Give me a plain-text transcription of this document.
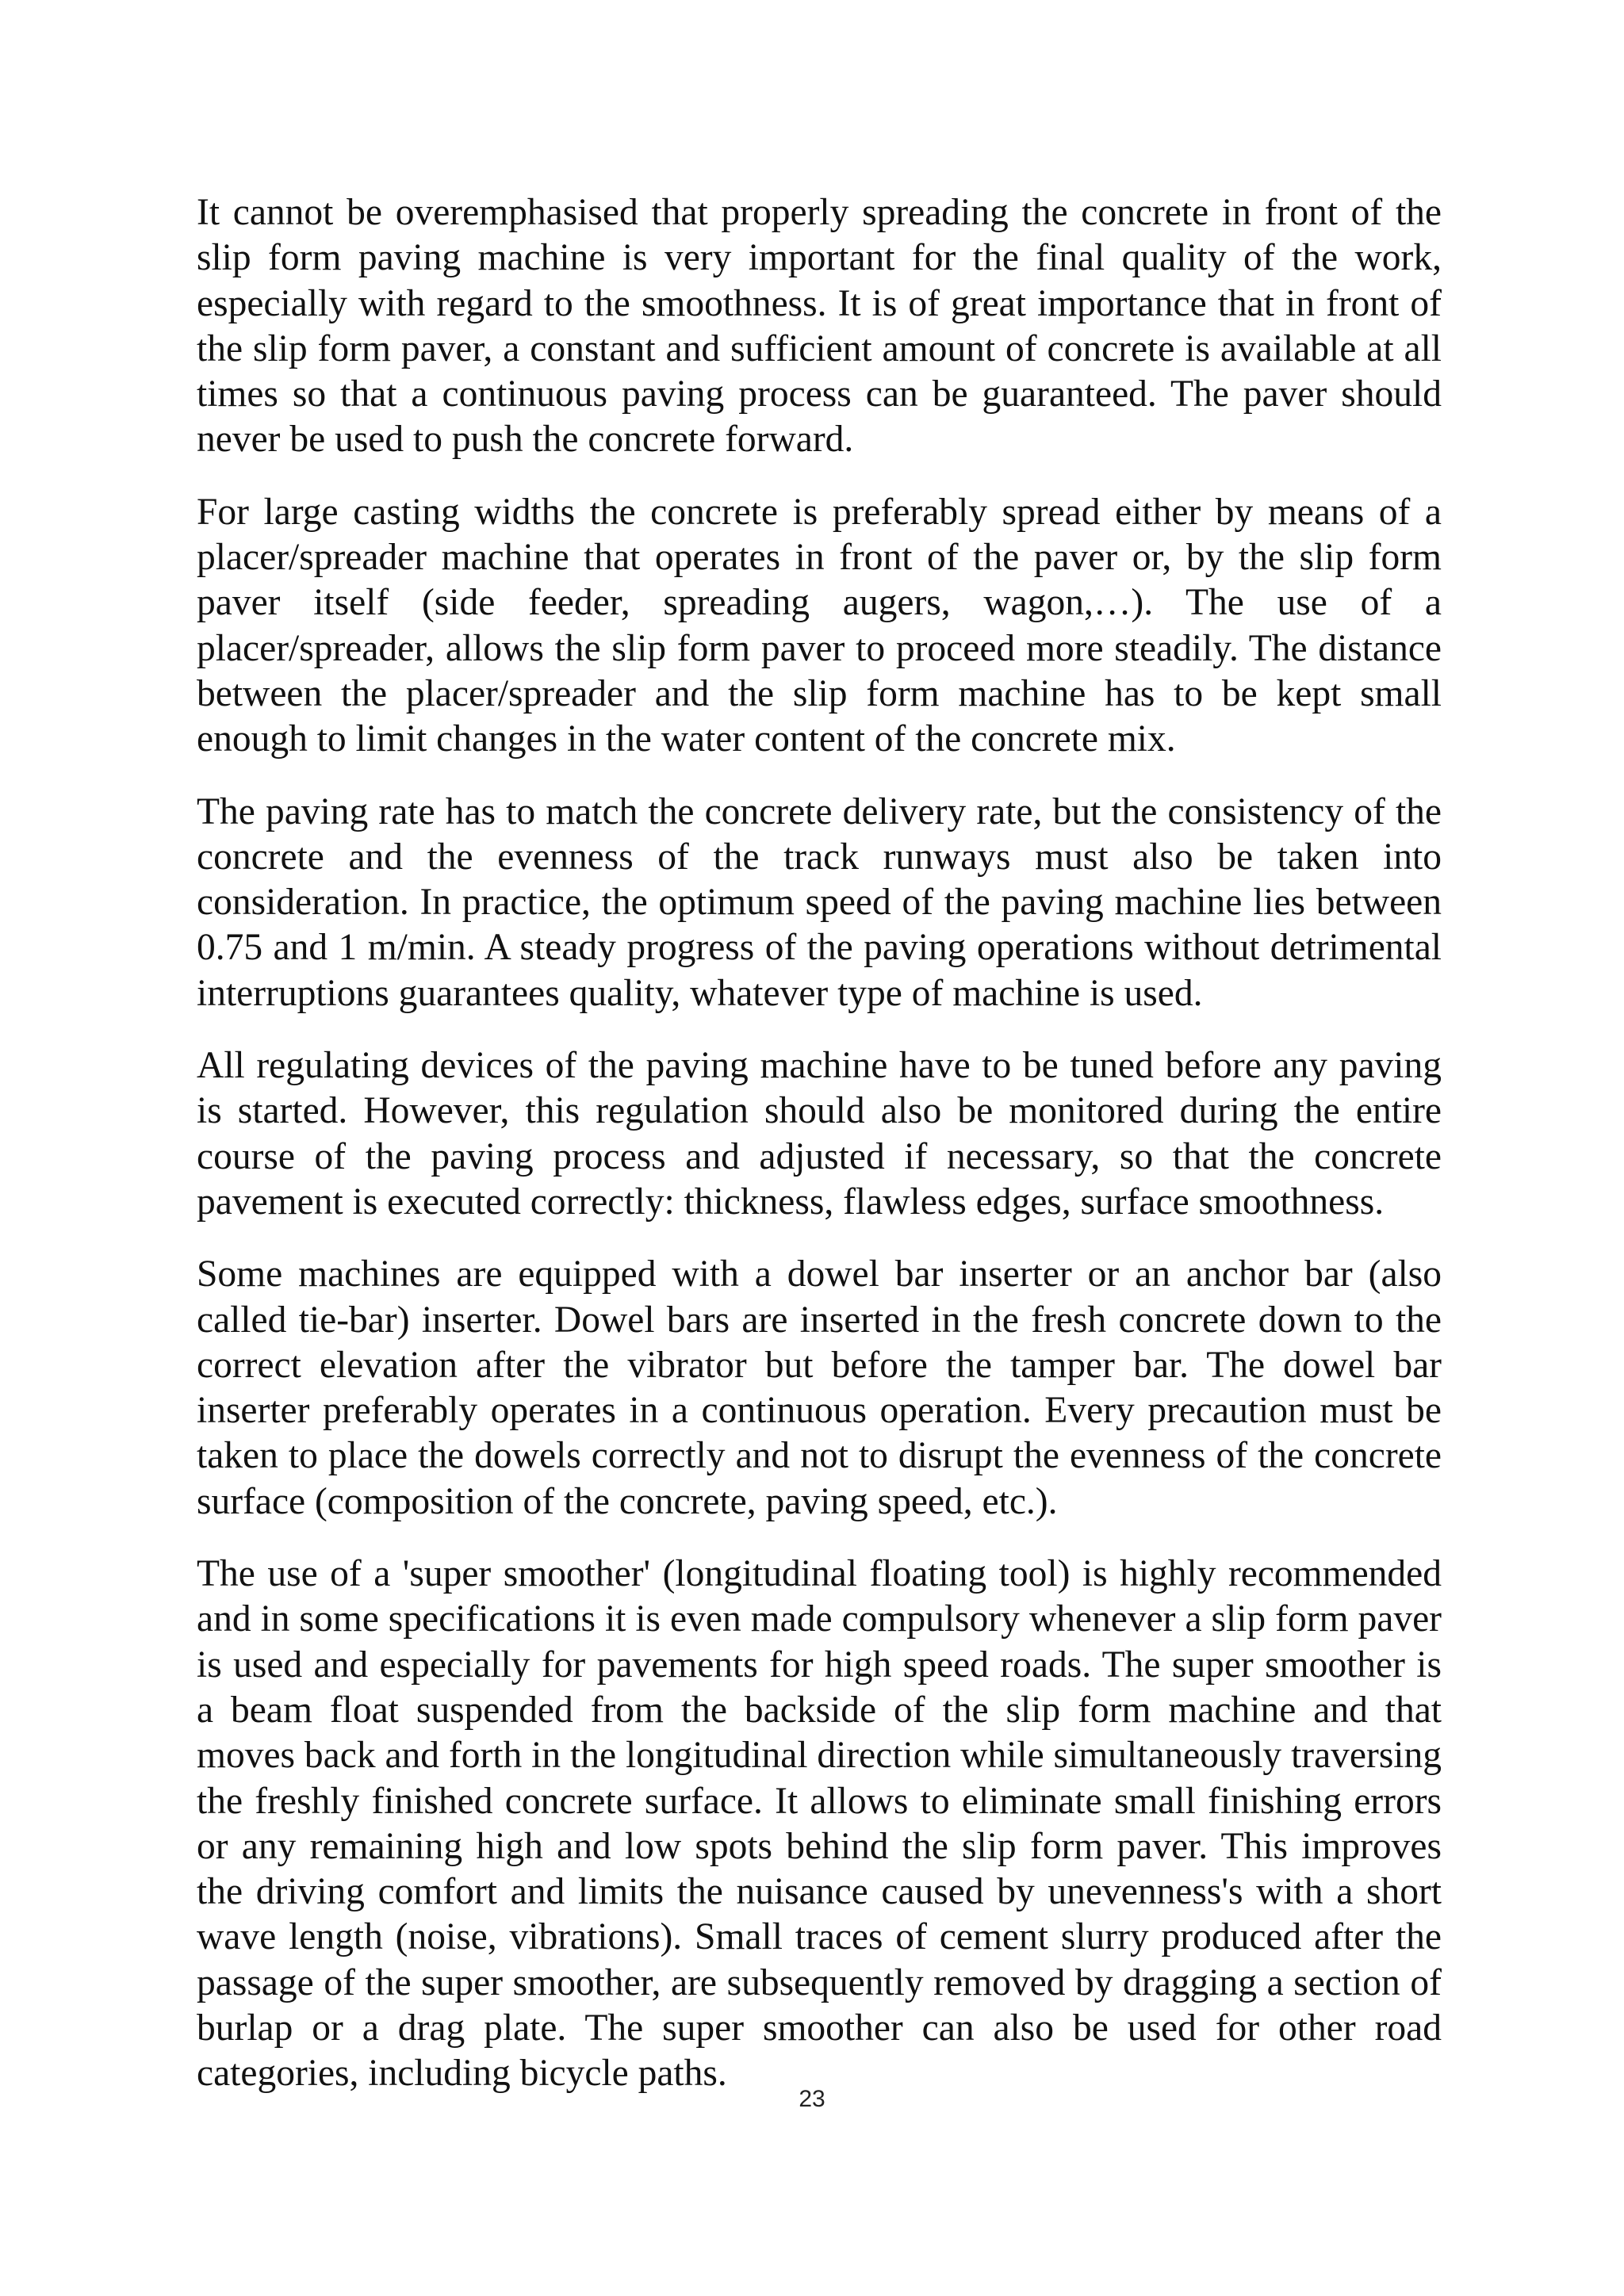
It cannot be overemphasised that properly spreading the concrete in front of the slip form paving machine is very important for the final quality of the work, especially with regard to the smoothness. It is of great importance that in front of the slip form paver, a constant and sufficient amount of concrete is available at all times so that a continuous paving process can be guaranteed. The paver should never be used to push the concrete forward.

For large casting widths the concrete is preferably spread either by means of a placer/spreader machine that operates in front of the paver or, by the slip form paver itself (side feeder, spreading augers, wagon,…). The use of a placer/spreader, allows the slip form paver to proceed more steadily. The distance between the placer/spreader and the slip form machine has to be kept small enough to limit changes in the water content of the concrete mix.

The paving rate has to match the concrete delivery rate, but the consistency of the concrete and the evenness of the track runways must also be taken into consideration. In practice, the optimum speed of the paving machine lies between 0.75 and 1 m/min. A steady progress of the paving operations without detrimental interruptions guarantees quality, whatever type of machine is used.

All regulating devices of the paving machine have to be tuned before any paving is started. However, this regulation should also be monitored during the entire course of the paving process and adjusted if necessary, so that the concrete pavement is executed correctly: thickness, flawless edges, surface smoothness.

Some machines are equipped with a dowel bar inserter or an anchor bar (also called tie-bar) inserter. Dowel bars are inserted in the fresh concrete down to the correct elevation after the vibrator but before the tamper bar. The dowel bar inserter preferably operates in a continuous operation. Every precaution must be taken to place the dowels correctly and not to disrupt the evenness of the concrete surface (composition of the concrete, paving speed, etc.).

The use of a 'super smoother' (longitudinal floating tool) is highly recommended and in some specifications it is even made compulsory whenever a slip form paver is used and especially for pavements for high speed roads. The super smoother is a beam float suspended from the backside of the slip form machine and that moves back and forth in the longitudinal direction while simultaneously traversing the freshly finished concrete surface. It allows to eliminate small finishing errors or any remaining high and low spots behind the slip form paver. This improves the driving comfort and limits the nuisance caused by unevenness's with a short wave length (noise, vibrations). Small traces of cement slurry produced after the passage of the super smoother, are subsequently removed by dragging a section of burlap or a drag plate. The super smoother can also be used for other road categories, including bicycle paths.

23
